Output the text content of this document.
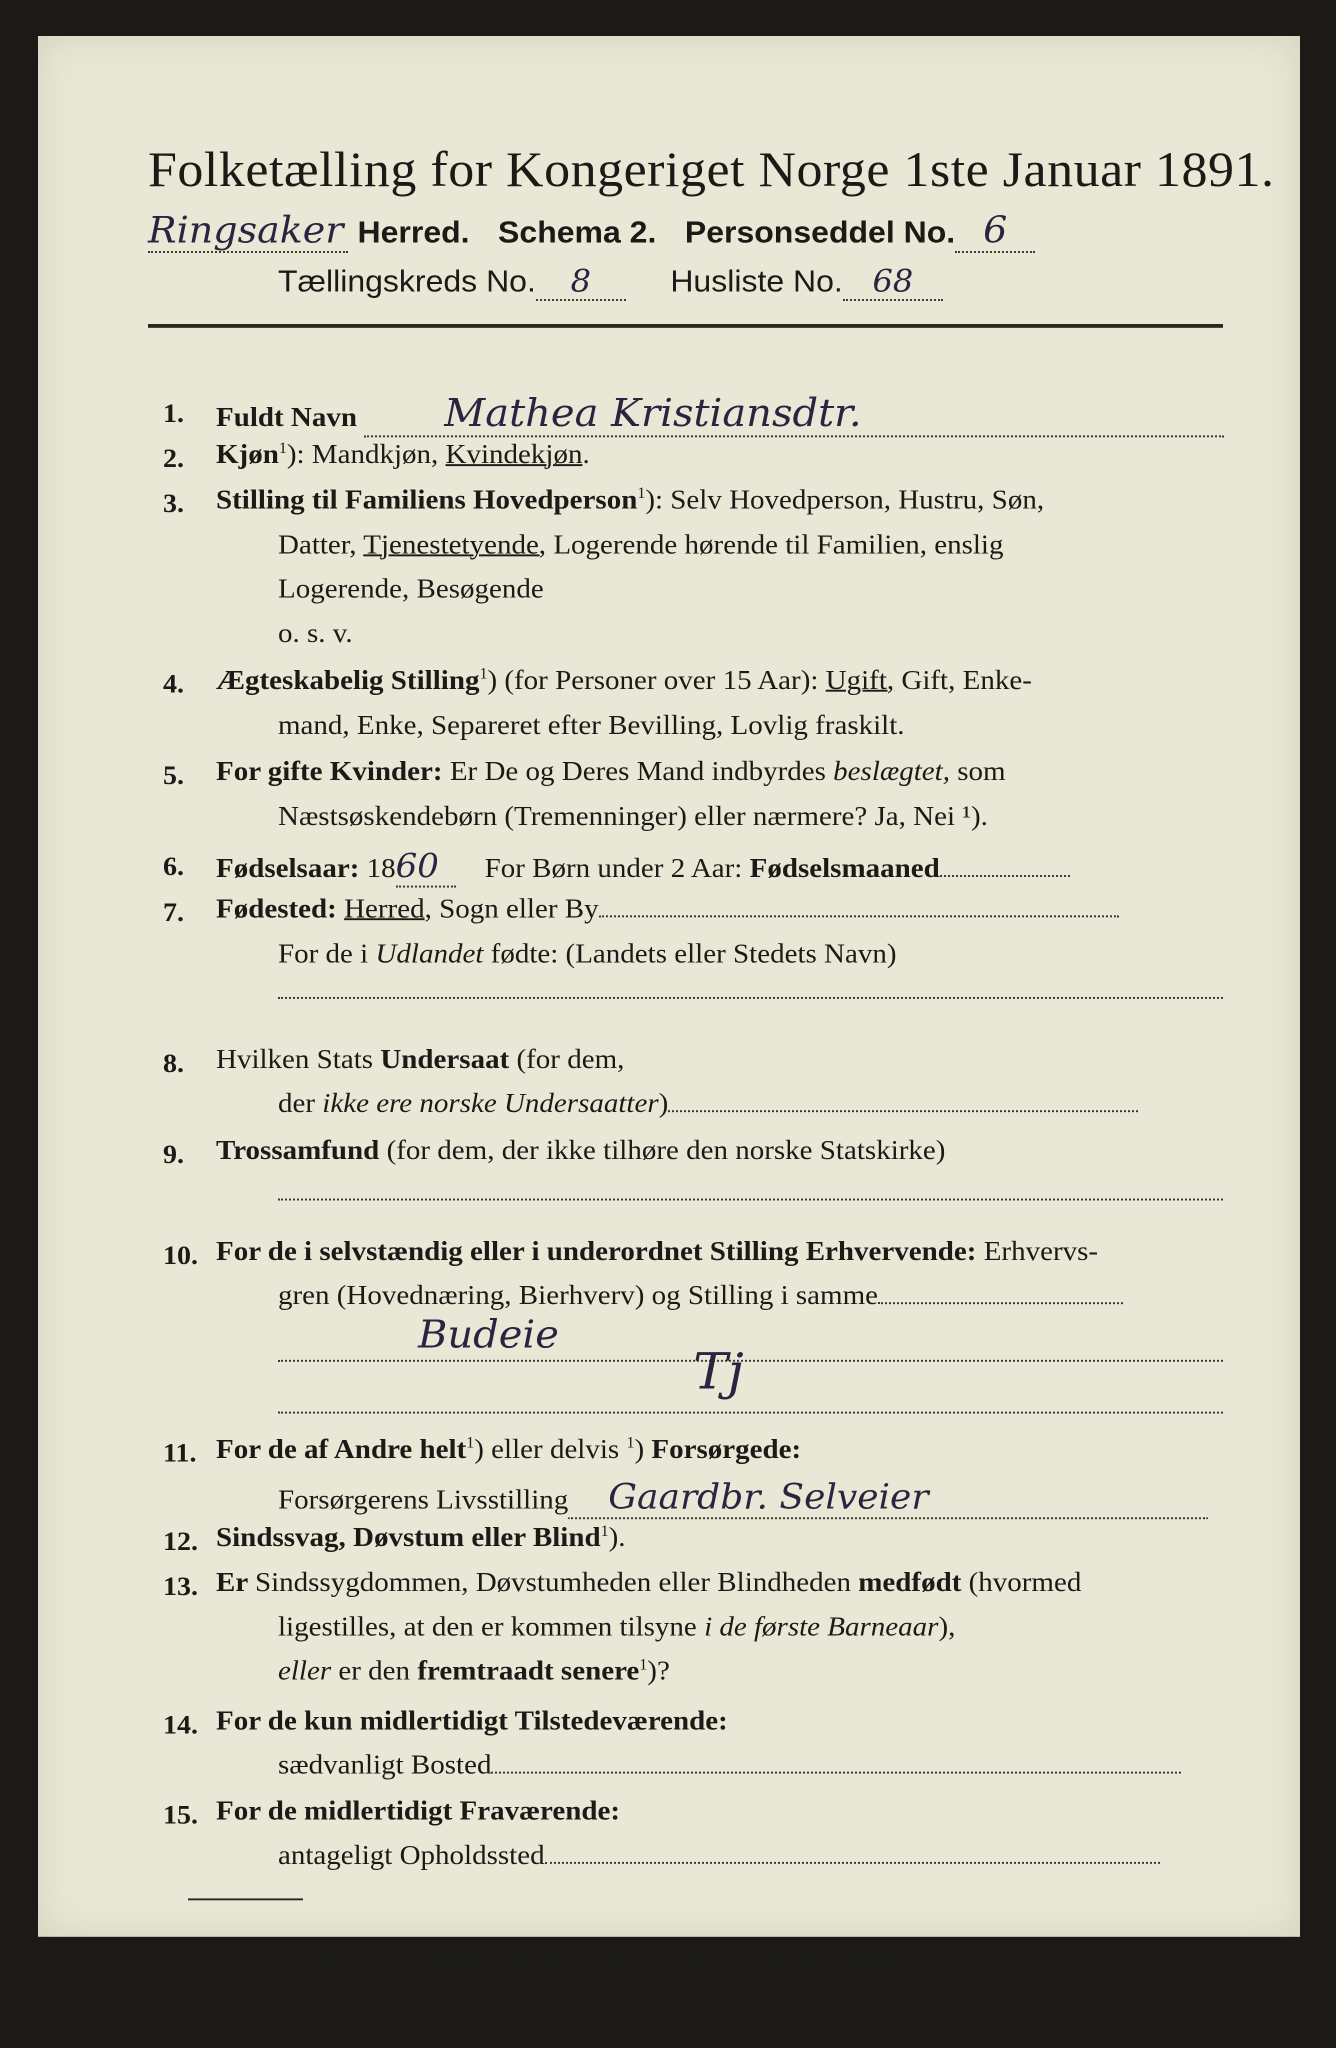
Folketælling for Kongeriget Norge 1ste Januar 1891.
Ringsaker Herred. Schema 2. Personseddel No. 6
Tællingskreds No. 8 Husliste No. 68
1. Fuldt Navn Mathea Kristiansdtr.
2. Kjøn$^1$): Mandkjøn, Kvindekjøn.
3. Stilling til Familiens Hovedperson$^1$): Selv Hovedperson, Hustru, Søn,
Datter, Tjenestetyende, Logerende hørende til Familien, enslig
Logerende, Besøgende
o. s. v.
4. Ægteskabelig Stilling$^1$) (for Personer over 15 Aar): Ugift, Gift, Enke-
mand, Enke, Separeret efter Bevilling, Lovlig fraskilt.
5. For gifte Kvinder: Er De og Deres Mand indbyrdes beslægtet, som
Næstsøskendebørn (Tremenninger) eller nærmere? Ja, Nei ¹).
6. Fødselsaar: 1860 For Børn under 2 Aar: Fødselsmaaned
7. Fødested: Herred, Sogn eller By
For de i Udlandet fødte: (Landets eller Stedets Navn)
8. Hvilken Stats Undersaat (for dem,
der ikke ere norske Undersaatter)
9. Trossamfund (for dem, der ikke tilhøre den norske Statskirke)
10. For de i selvstændig eller i underordnet Stilling Erhvervende: Erhvervs-
gren (Hovednæring, Bierhverv) og Stilling i samme
Budeie
Tj
11. For de af Andre helt$^1$) eller delvis $^1$) Forsørgede:
Forsørgerens Livsstilling Gaardbr. Selveier
12. Sindssvag, Døvstum eller Blind$^1$).
13. Er Sindssygdommen, Døvstumheden eller Blindheden medfødt (hvormed
ligestilles, at den er kommen tilsyne i de første Barneaar),
eller er den fremtraadt senere$^1$)?
14. For de kun midlertidigt Tilstedeværende:
sædvanligt Bosted
15. For de midlertidigt Fraværende:
antageligt Opholdssted
¹) De for hvert Tilfælde passende Ord understreges.
